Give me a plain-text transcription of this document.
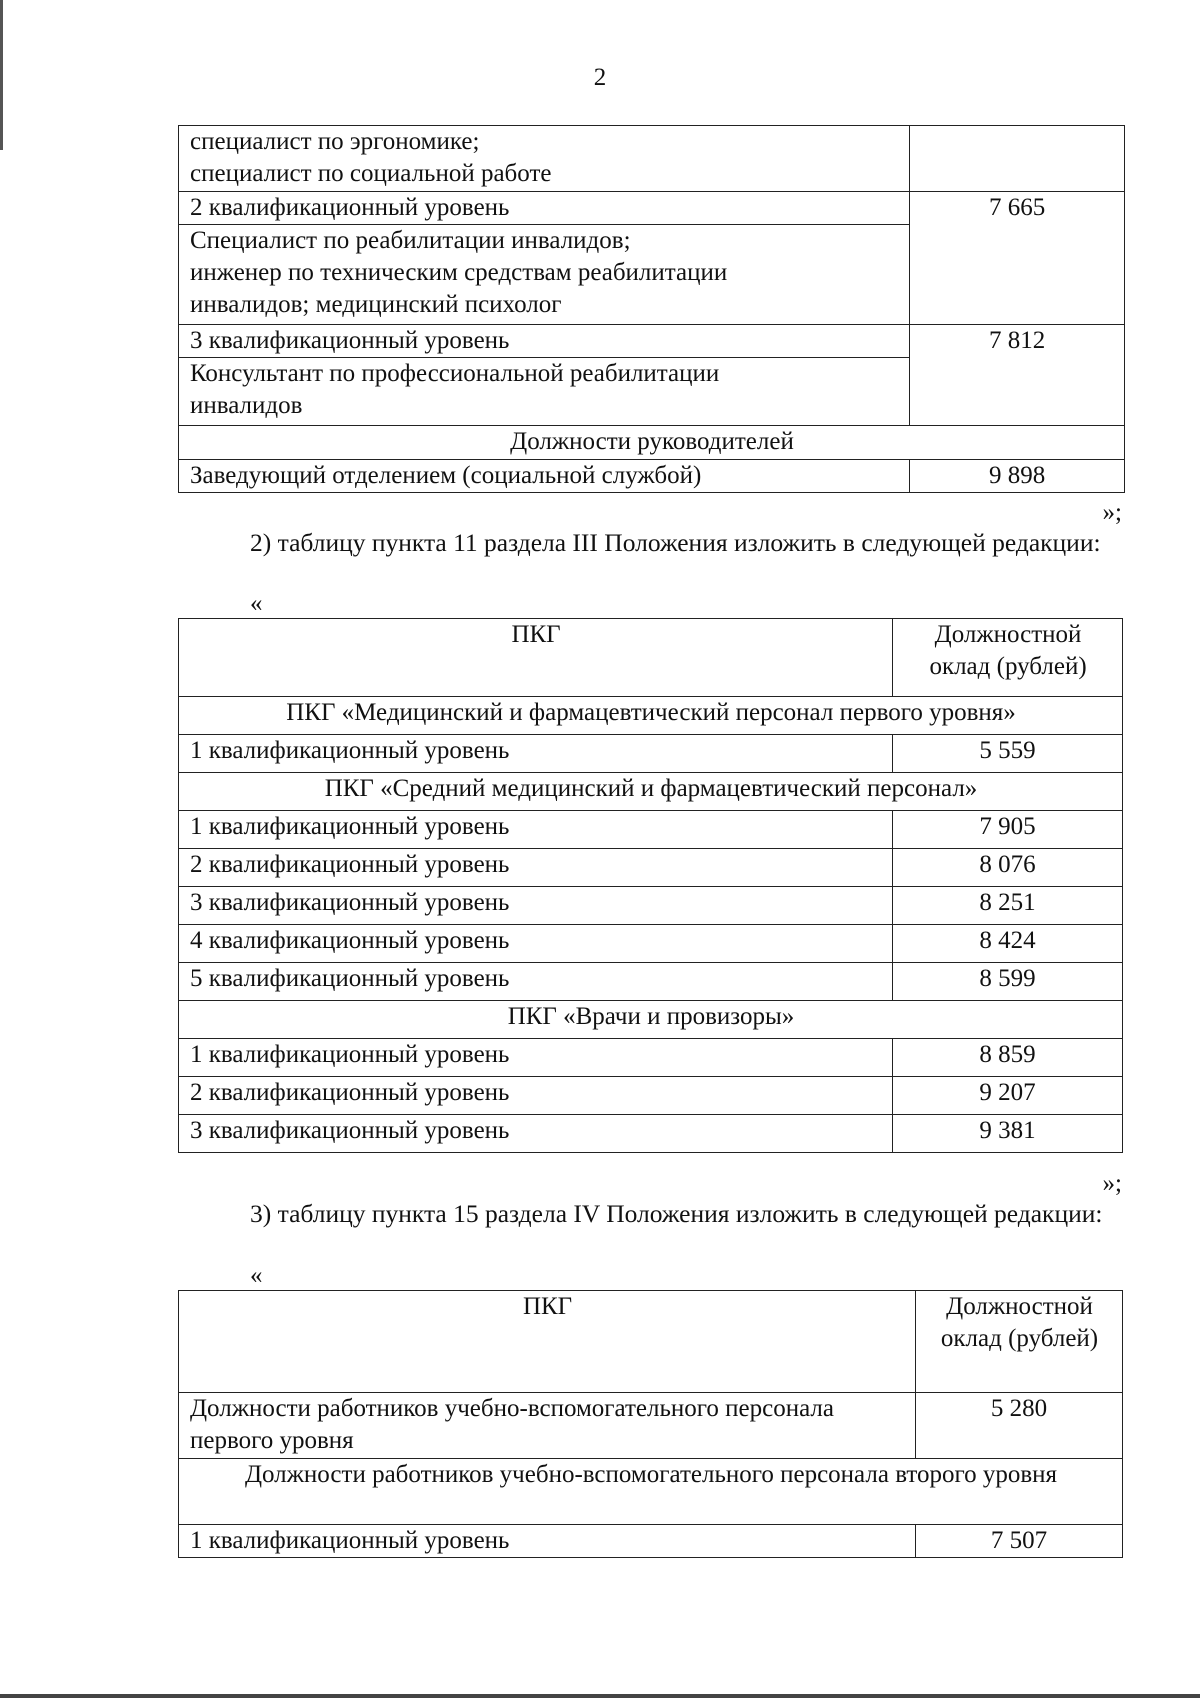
2
специалист по эргономике;
специалист по социальной работе	
2 квалификационный уровень	7 665
Специалист по реабилитации инвалидов;
инженер по техническим средствам реабилитации
инвалидов; медицинский психолог	
3 квалификационный уровень	7 812
Консультант по профессиональной реабилитации
инвалидов	
Должности руководителей	
Заведующий отделением (социальной службой)	9 898
»;
2) таблицу пункта 11 раздела III Положения изложить в следующей редакции:
«
ПКГ	Должностной оклад (рублей)
ПКГ «Медицинский и фармацевтический персонал первого уровня»	
1 квалификационный уровень	5 559
ПКГ «Средний медицинский и фармацевтический персонал»	
1 квалификационный уровень	7 905
2 квалификационный уровень	8 076
3 квалификационный уровень	8 251
4 квалификационный уровень	8 424
5 квалификационный уровень	8 599
ПКГ «Врачи и провизоры»	
1 квалификационный уровень	8 859
2 квалификационный уровень	9 207
3 квалификационный уровень	9 381
»;
3) таблицу пункта 15 раздела IV Положения изложить в следующей редакции:
«
ПКГ	Должностной оклад (рублей)
Должности работников учебно-вспомогательного персонала первого уровня	5 280
Должности работников учебно-вспомогательного персонала второго уровня	
1 квалификационный уровень	7 507
